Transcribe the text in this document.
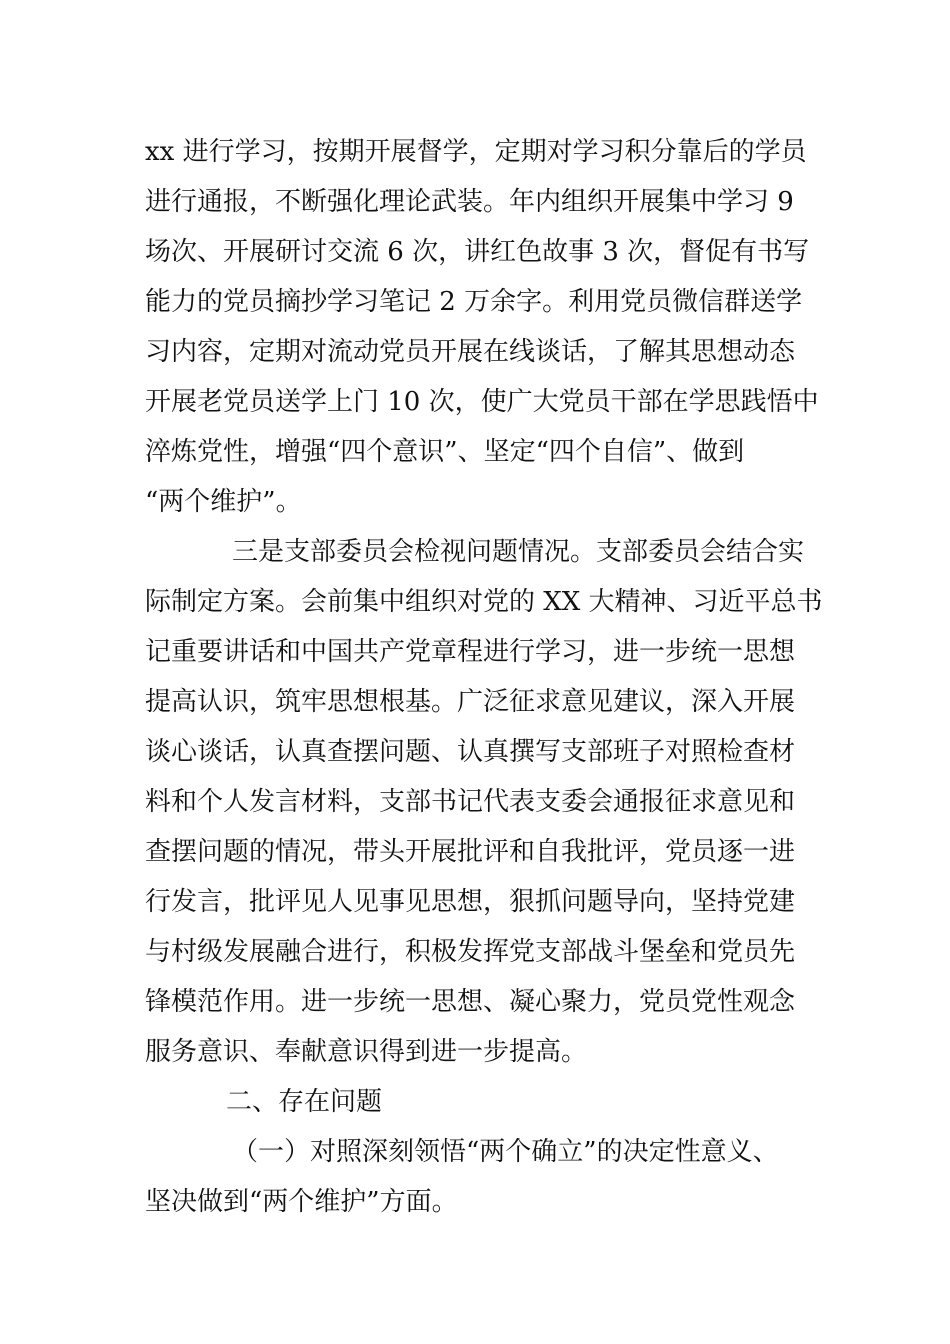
xx 进行学习，按期开展督学，定期对学习积分靠后的学员
进行通报，不断强化理论武装。年内组织开展集中学习 9
场次、开展研讨交流 6 次，讲红色故事 3 次，督促有书写
能力的党员摘抄学习笔记 2 万余字。利用党员微信群送学
习内容，定期对流动党员开展在线谈话，了解其思想动态
开展老党员送学上门 10 次，使广大党员干部在学思践悟中
淬炼党性，增强“四个意识”、坚定“四个自信”、做到
“两个维护”。
三是支部委员会检视问题情况。支部委员会结合实
际制定方案。会前集中组织对党的 XX 大精神、习近平总书
记重要讲话和中国共产党章程进行学习，进一步统一思想
提高认识，筑牢思想根基。广泛征求意见建议，深入开展
谈心谈话，认真查摆问题、认真撰写支部班子对照检查材
料和个人发言材料，支部书记代表支委会通报征求意见和
查摆问题的情况，带头开展批评和自我批评，党员逐一进
行发言，批评见人见事见思想，狠抓问题导向，坚持党建
与村级发展融合进行，积极发挥党支部战斗堡垒和党员先
锋模范作用。进一步统一思想、凝心聚力，党员党性观念
服务意识、奉献意识得到进一步提高。
二、存在问题
（一）对照深刻领悟“两个确立”的决定性意义、
坚决做到“两个维护”方面。
